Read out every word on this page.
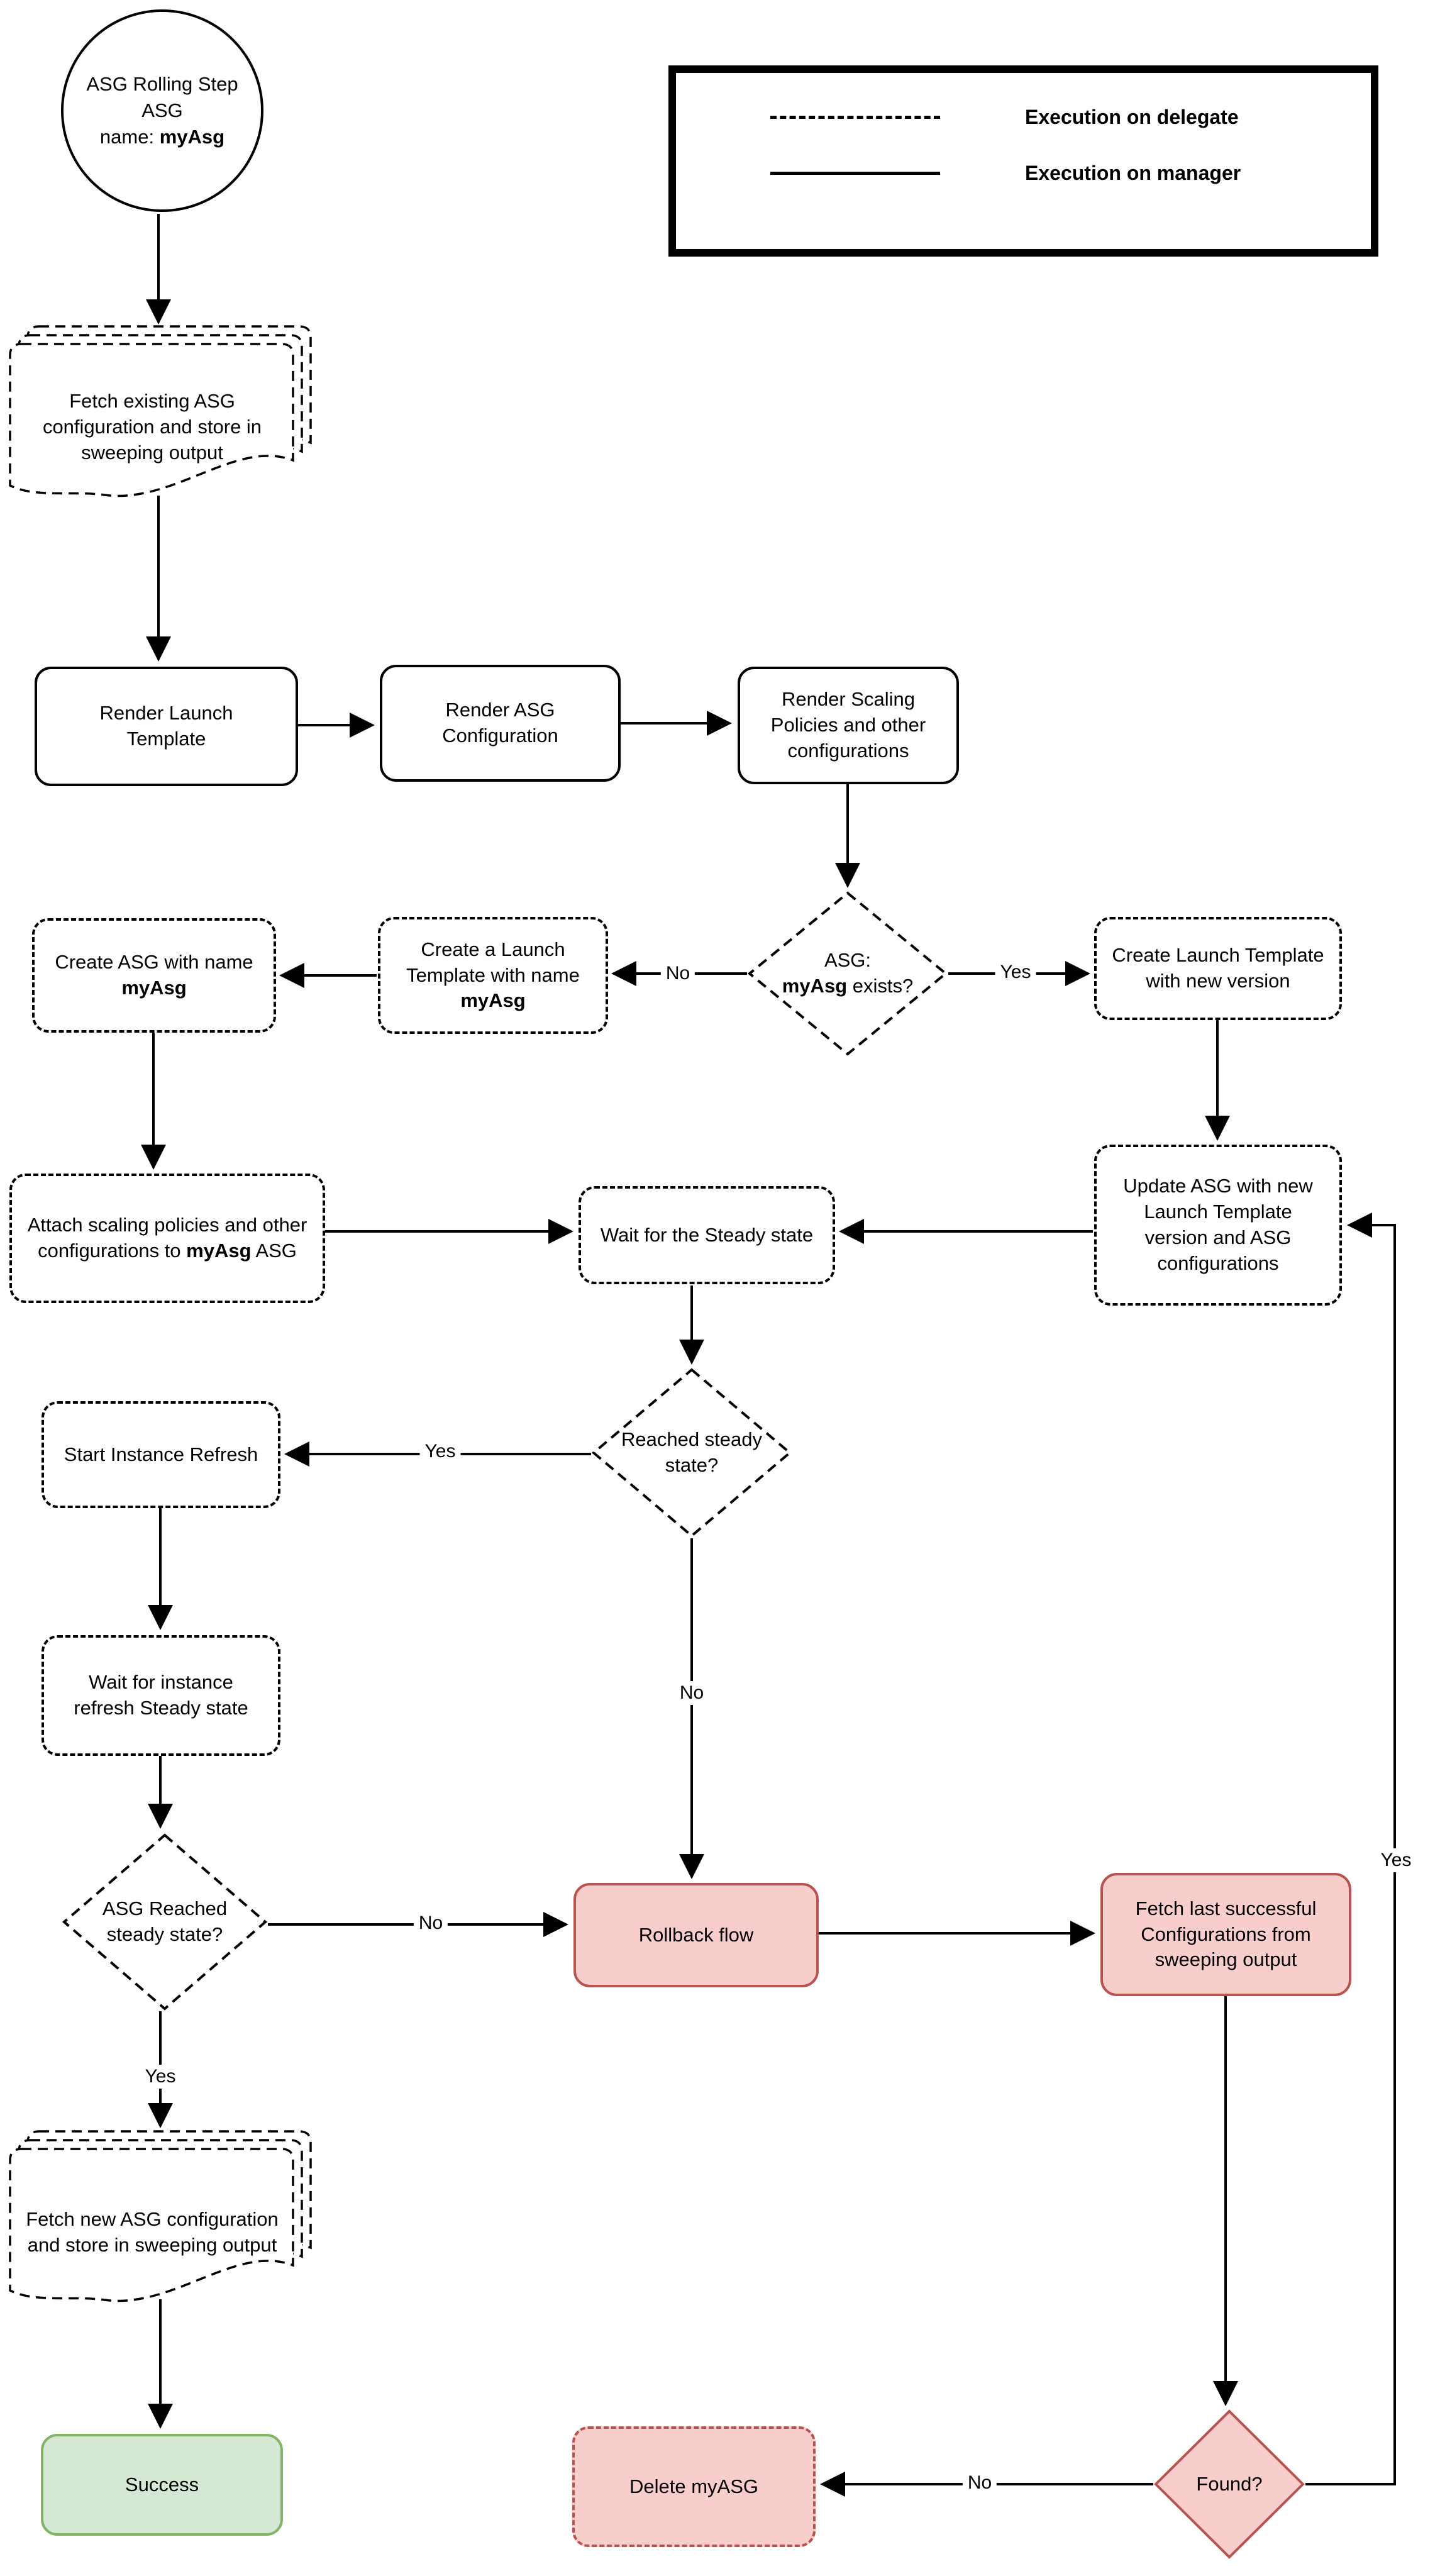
Execution on delegate
Execution on manager
ASG Rolling Step
ASG
name: myAsg
Fetch existing ASG configuration and store in sweeping output
Render Launch Template
Render ASG Configuration
Render Scaling Policies and other configurations
ASG:
myAsg exists?
Create ASG with name myAsg
Create a Launch Template with name myAsg
Create Launch Template with new version
Update ASG with new Launch Template version and ASG configurations
Attach scaling policies and other configurations to myAsg ASG
Wait for the Steady state
Reached steady state?
Start Instance Refresh
Wait for instance refresh Steady state
ASG Reached steady state?	Rollback flow
Fetch last successful Configurations from sweeping output
Fetch new ASG configuration and store in sweeping output
Success	Delete myASG	Found?
No	Yes
Yes
No
No
Yes
No
Yes
